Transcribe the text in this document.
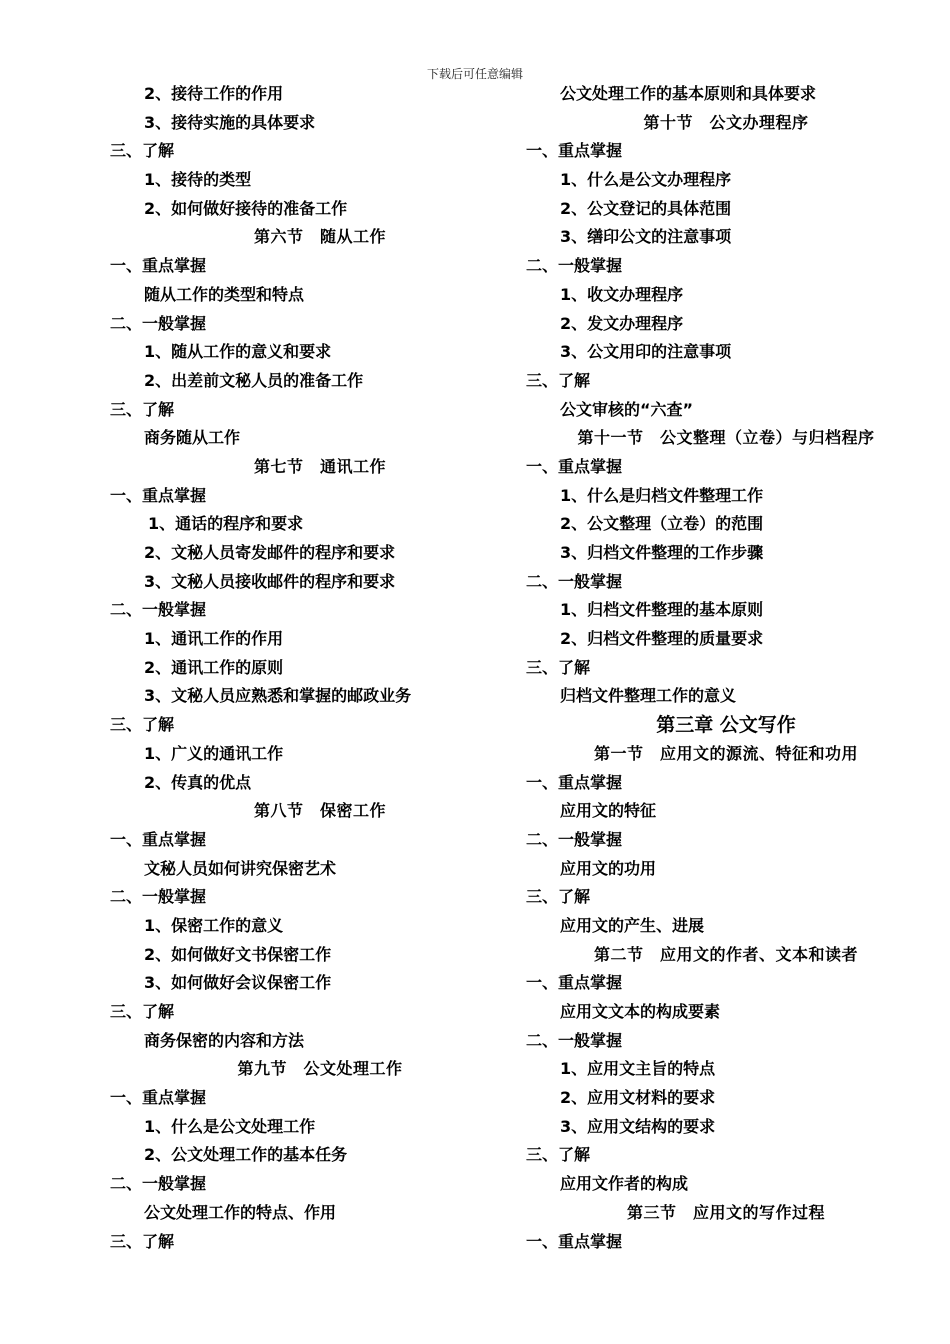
下载后可任意编辑
2、接待工作的作用
3、接待实施的具体要求
三、了解
1、接待的类型
2、如何做好接待的准备工作
第六节　随从工作
一、重点掌握
随从工作的类型和特点
二、一般掌握
1、随从工作的意义和要求
2、出差前文秘人员的准备工作
三、了解
商务随从工作
第七节　通讯工作
一、重点掌握
1、通话的程序和要求
2、文秘人员寄发邮件的程序和要求
3、文秘人员接收邮件的程序和要求
二、一般掌握
1、通讯工作的作用
2、通讯工作的原则
3、文秘人员应熟悉和掌握的邮政业务
三、了解
1、广义的通讯工作
2、传真的优点
第八节　保密工作
一、重点掌握
文秘人员如何讲究保密艺术
二、一般掌握
1、保密工作的意义
2、如何做好文书保密工作
3、如何做好会议保密工作
三、了解
商务保密的内容和方法
第九节　公文处理工作
一、重点掌握
1、什么是公文处理工作
2、公文处理工作的基本任务
二、一般掌握
公文处理工作的特点、作用
三、了解
公文处理工作的基本原则和具体要求
第十节　公文办理程序
一、重点掌握
1、什么是公文办理程序
2、公文登记的具体范围
3、缮印公文的注意事项
二、一般掌握
1、收文办理程序
2、发文办理程序
3、公文用印的注意事项
三、了解
公文审核的“六查”
第十一节　公文整理（立卷）与归档程序
一、重点掌握
1、什么是归档文件整理工作
2、公文整理（立卷）的范围
3、归档文件整理的工作步骤
二、一般掌握
1、归档文件整理的基本原则
2、归档文件整理的质量要求
三、了解
归档文件整理工作的意义
第三章 公文写作
第一节　应用文的源流、特征和功用
一、重点掌握
应用文的特征
二、一般掌握
应用文的功用
三、了解
应用文的产生、进展
第二节　应用文的作者、文本和读者
一、重点掌握
应用文文本的构成要素
二、一般掌握
1、应用文主旨的特点
2、应用文材料的要求
3、应用文结构的要求
三、了解
应用文作者的构成
第三节　应用文的写作过程
一、重点掌握
